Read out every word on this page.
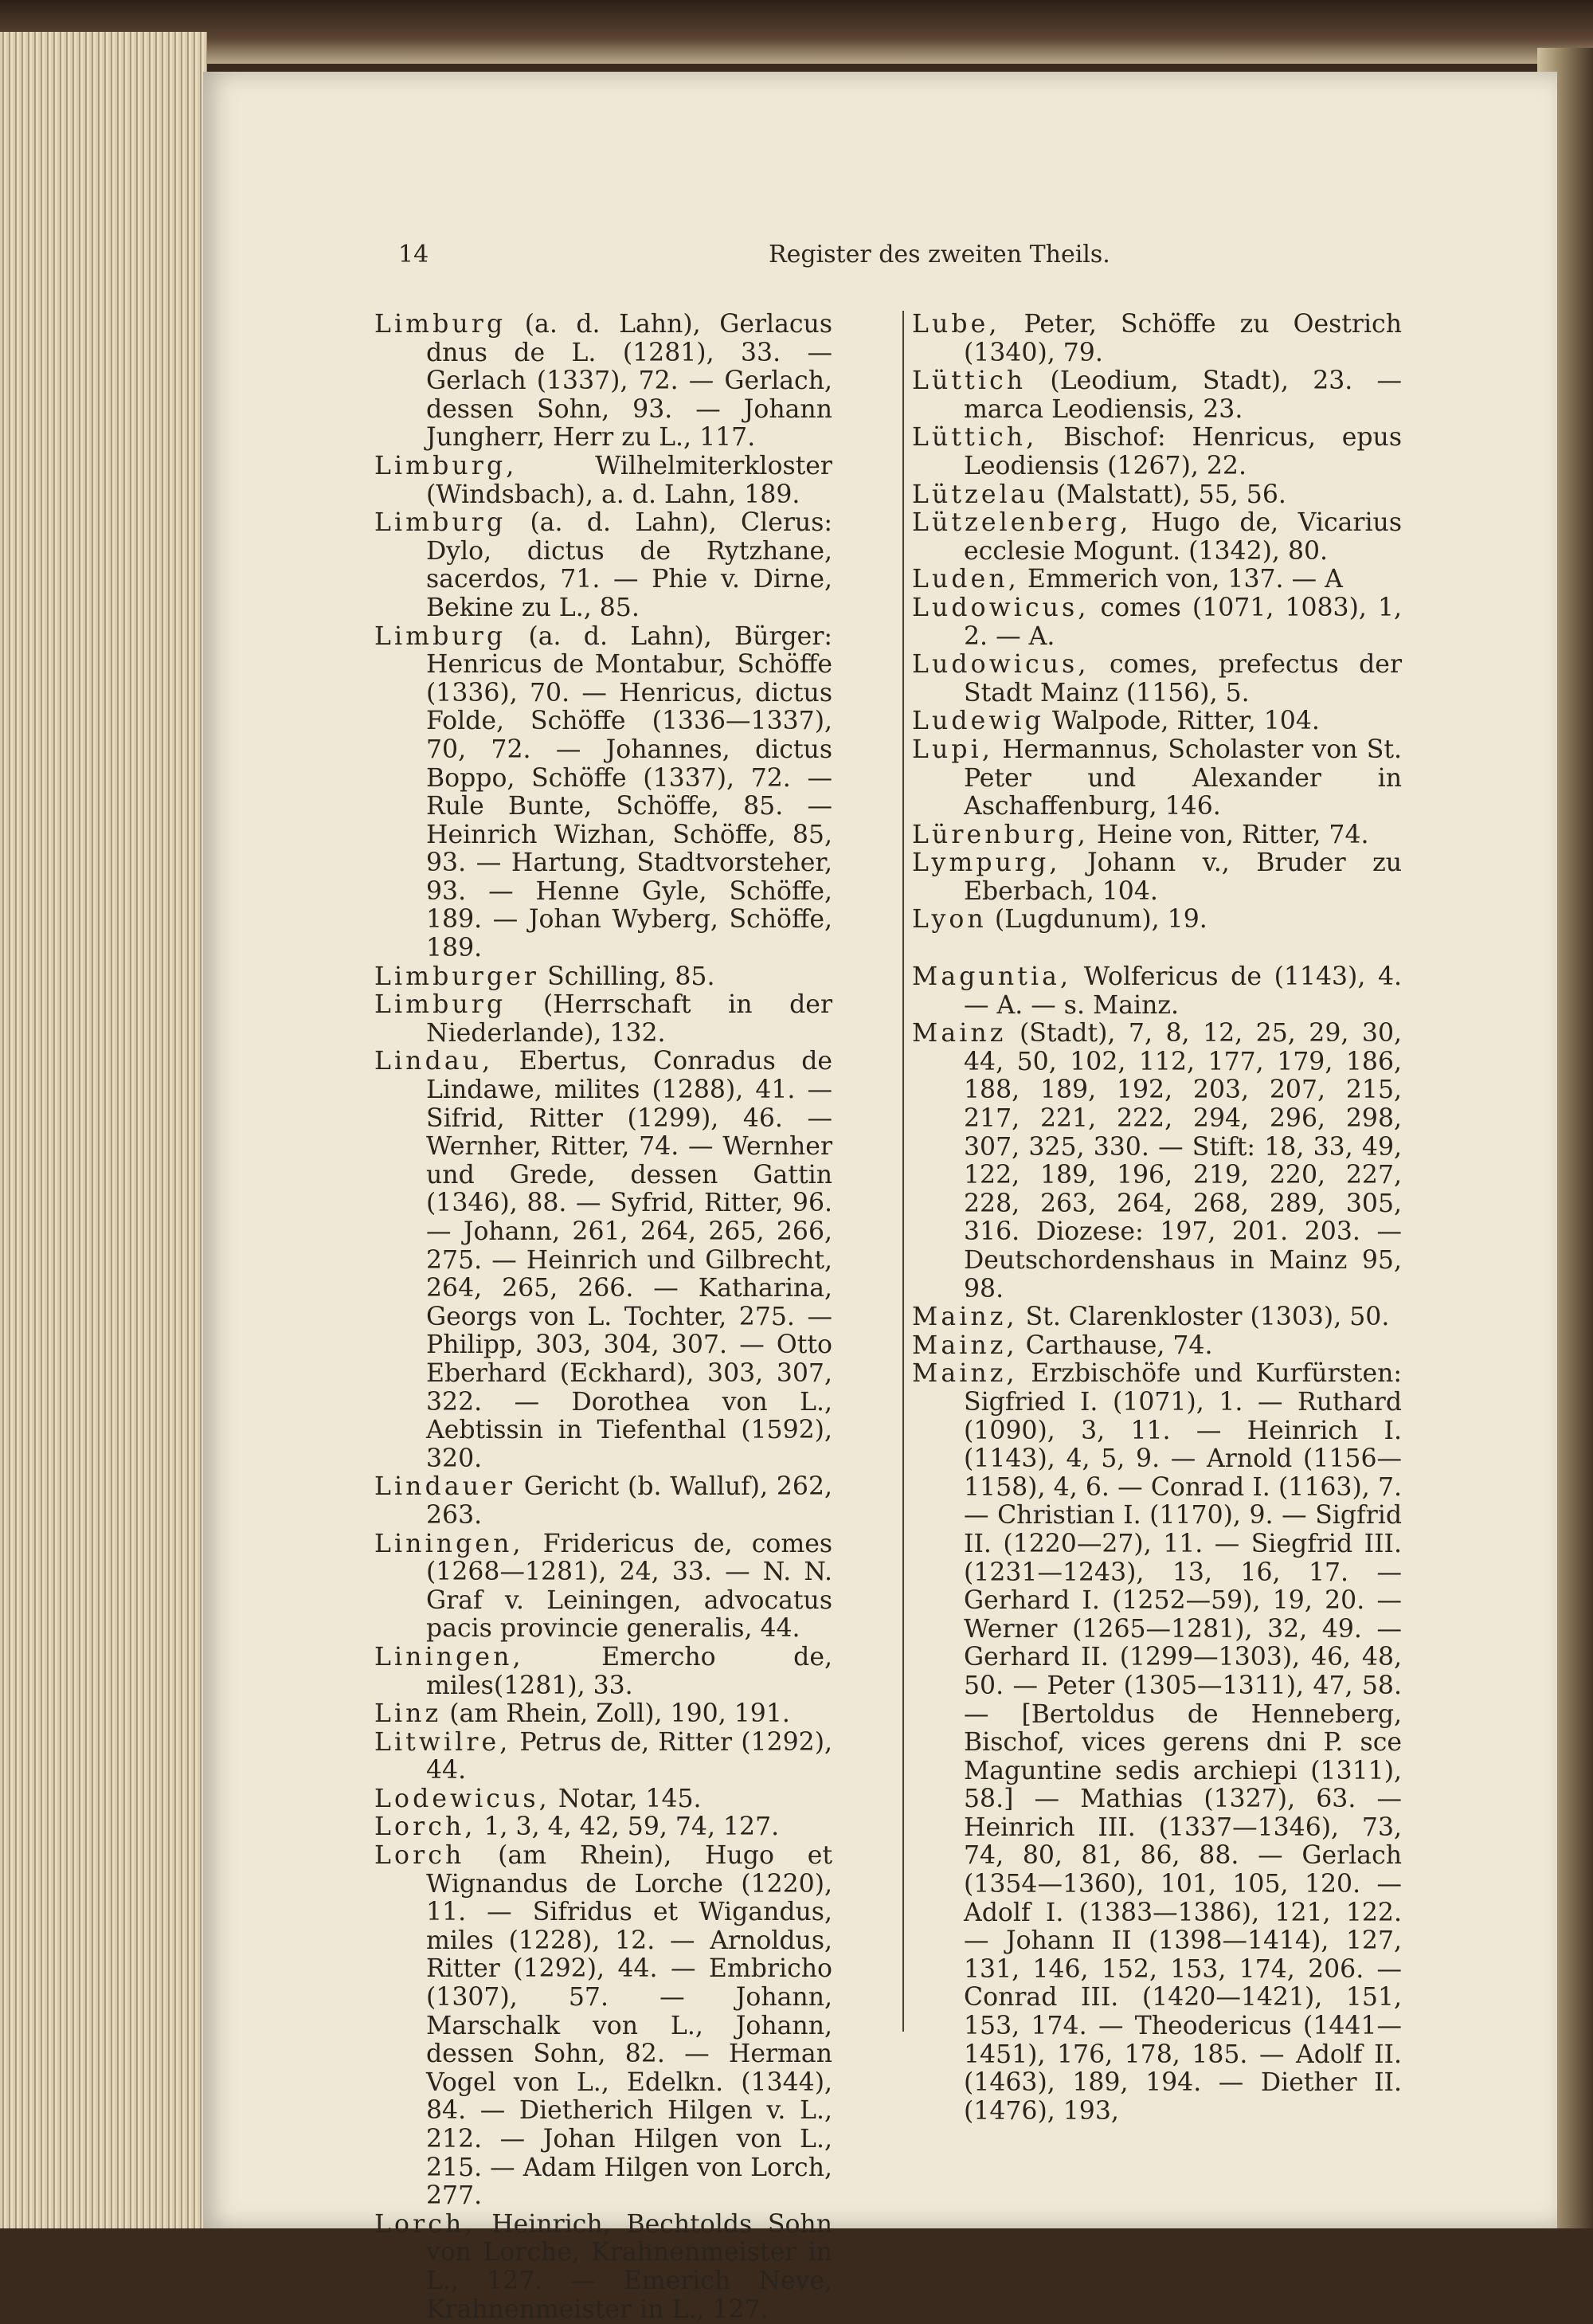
14	Register des zweiten Theils.
Limburg (a. d. Lahn), Gerlacus dnus de L. (1281), 33. — Gerlach (1337), 72. — Gerlach, dessen Sohn, 93. — Johann Jungherr, Herr zu L., 117.
Limburg,	Wilhelmiterkloster (Windsbach), a. d. Lahn, 189.
Limburg (a. d. Lahn), Clerus: Dylo, dictus de Rytzhane, sacerdos, 71. — Phie v. Dirne, Bekine zu L., 85.
Limburg (a. d. Lahn), Bürger: Henricus de Montabur, Schöffe (1336), 70. — Henricus, dictus Folde, Schöffe (1336—1337), 70, 72. — Johannes, dictus Boppo, Schöffe (1337), 72. — Rule Bunte, Schöffe, 85. — Heinrich Wizhan, Schöffe, 85, 93. — Hartung, Stadtvorsteher, 93. — Henne Gyle, Schöffe, 189. — Johan Wyberg, Schöffe, 189.
Limburger Schilling, 85.
Limburg (Herrschaft in der Niederlande), 132.
Lindau, Ebertus, Conradus de Lindawe, milites (1288), 41. — Sifrid, Ritter (1299), 46. — Wernher, Ritter, 74. — Wernher und Grede, dessen Gattin (1346), 88. — Syfrid, Ritter, 96. — Johann, 261, 264, 265, 266, 275. — Heinrich und Gilbrecht, 264, 265, 266. — Katharina, Georgs von L. Tochter, 275. — Philipp, 303, 304, 307. — Otto Eberhard (Eckhard), 303, 307, 322. — Dorothea von L., Aebtissin in Tiefenthal (1592), 320.
Lindauer Gericht (b. Walluf), 262, 263.
Liningen, Fridericus de, comes (1268—1281), 24, 33. — N. N. Graf v. Leiningen, advocatus pacis provincie generalis, 44.
Liningen,	Emercho de, miles(1281), 33.
Linz (am Rhein, Zoll), 190, 191.
Litwilre, Petrus de, Ritter (1292), 44.
Lodewicus, Notar, 145.
Lorch, 1, 3, 4, 42, 59, 74, 127.
Lorch (am Rhein), Hugo et Wignandus de Lorche (1220), 11. — Sifridus et Wigandus, miles (1228), 12. — Arnoldus, Ritter (1292), 44. — Embricho (1307), 57. — Johann, Marschalk von L., Johann, dessen Sohn, 82. — Herman Vogel von L., Edelkn. (1344), 84. — Dietherich Hilgen v. L., 212. — Johan Hilgen von L., 215. — Adam Hilgen von Lorch, 277.
Lorch, Heinrich, Bechtolds Sohn von Lorche, Krahnenmeister in L., 127. — Emerich Neve, Krahnenmeister in L., 127.
Lube, Peter, Schöffe zu Oestrich (1340), 79.
Lüttich (Leodium, Stadt), 23. — marca Leodiensis, 23.
Lüttich, Bischof: Henricus, epus Leodiensis (1267), 22.
Lützelau (Malstatt), 55, 56.
Lützelenberg, Hugo de, Vicarius ecclesie Mogunt. (1342), 80.
Luden, Emmerich von, 137. — A
Ludowicus, comes (1071, 1083), 1, 2. — A.
Ludowicus, comes, prefectus der Stadt Mainz (1156), 5.
Ludewig Walpode, Ritter, 104.
Lupi, Hermannus, Scholaster von St. Peter und Alexander in Aschaffenburg, 146.
Lürenburg, Heine von, Ritter, 74.
Lympurg, Johann v., Bruder zu Eberbach, 104.
Lyon (Lugdunum), 19.
Maguntia, Wolfericus de (1143), 4. — A. — s. Mainz.
Mainz (Stadt), 7, 8, 12, 25, 29, 30, 44, 50, 102, 112, 177, 179, 186, 188, 189, 192, 203, 207, 215, 217, 221, 222, 294, 296, 298, 307, 325, 330. — Stift: 18, 33, 49, 122, 189, 196, 219, 220, 227, 228, 263, 264, 268, 289, 305, 316. Diozese: 197, 201. 203. — Deutschordenshaus in Mainz 95, 98.
Mainz, St. Clarenkloster (1303), 50.
Mainz, Carthause, 74.
Mainz, Erzbischöfe und Kurfürsten: Sigfried I. (1071), 1. — Ruthard (1090), 3, 11. — Heinrich I. (1143), 4, 5, 9. — Arnold (1156—1158), 4, 6. — Conrad I. (1163), 7. — Christian I. (1170), 9. — Sigfrid II. (1220—27), 11. — Siegfrid III. (1231—1243), 13, 16, 17. — Gerhard I. (1252—59), 19, 20. — Werner (1265—1281), 32, 49. — Gerhard II. (1299—1303), 46, 48, 50. — Peter (1305—1311), 47, 58. — [Bertoldus de Henneberg, Bischof, vices gerens dni P. sce Maguntine sedis archiepi (1311), 58.] — Mathias (1327), 63. — Heinrich III. (1337—1346), 73, 74, 80, 81, 86, 88. — Gerlach (1354—1360), 101, 105, 120. — Adolf I. (1383—1386), 121, 122. — Johann II (1398—1414), 127, 131, 146, 152, 153, 174, 206. — Conrad III. (1420—1421), 151, 153, 174. — Theodericus (1441—1451), 176, 178, 185. — Adolf II. (1463), 189, 194. — Diether II. (1476), 193,
